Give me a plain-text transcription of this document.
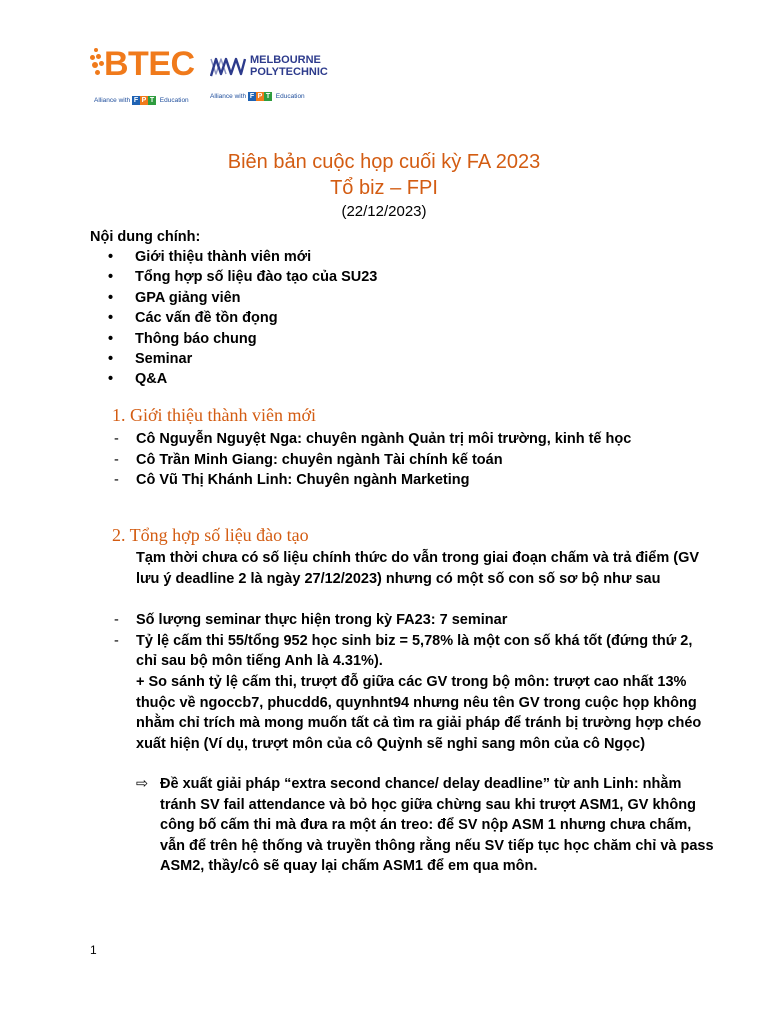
BTEC
Alliance with F P T Education
MELBOURNE
POLYTECHNIC
Alliance with F P T Education
Biên bản cuộc họp cuối kỳ FA 2023
Tổ biz – FPI
(22/12/2023)
Nội dung chính:
• Giới thiệu thành viên mới
• Tổng hợp số liệu đào tạo của SU23
• GPA giảng viên
• Các vấn đề tồn đọng
• Thông báo chung
• Seminar
• Q&A
1. Giới thiệu thành viên mới
- Cô Nguyễn Nguyệt Nga: chuyên ngành Quản trị môi trường, kinh tế học
- Cô Trần Minh Giang: chuyên ngành Tài chính kế toán
- Cô Vũ Thị Khánh Linh: Chuyên ngành Marketing
2. Tổng hợp số liệu đào tạo
Tạm thời chưa có số liệu chính thức do vẫn trong giai đoạn chấm và trả điểm (GV lưu ý deadline 2 là ngày 27/12/2023) nhưng có một số con số sơ bộ như sau
- Số lượng seminar thực hiện trong kỳ FA23: 7 seminar
- Tỷ lệ cấm thi 55/tổng 952 học sinh biz = 5,78% là một con số khá tốt (đứng thứ 2, chỉ sau bộ môn tiếng Anh là 4.31%).
+ So sánh tỷ lệ cấm thi, trượt đỗ giữa các GV trong bộ môn: trượt cao nhất 13% thuộc về ngoccb7, phucdd6, quynhnt94 nhưng nêu tên GV trong cuộc họp không nhằm chỉ trích mà mong muốn tất cả tìm ra giải pháp để tránh bị trường hợp chéo xuất hiện (Ví dụ, trượt môn của cô Quỳnh sẽ nghỉ sang môn của cô Ngọc)
⇨ Đề xuất giải pháp “extra second chance/ delay deadline” từ anh Linh: nhằm tránh SV fail attendance và bỏ học giữa chừng sau khi trượt ASM1, GV không công bố cấm thi mà đưa ra một án treo: để SV nộp ASM 1 nhưng chưa chấm, vẫn để trên hệ thống và truyền thông rằng nếu SV tiếp tục học chăm chỉ và pass ASM2, thầy/cô sẽ quay lại chấm ASM1 để em qua môn.
1
